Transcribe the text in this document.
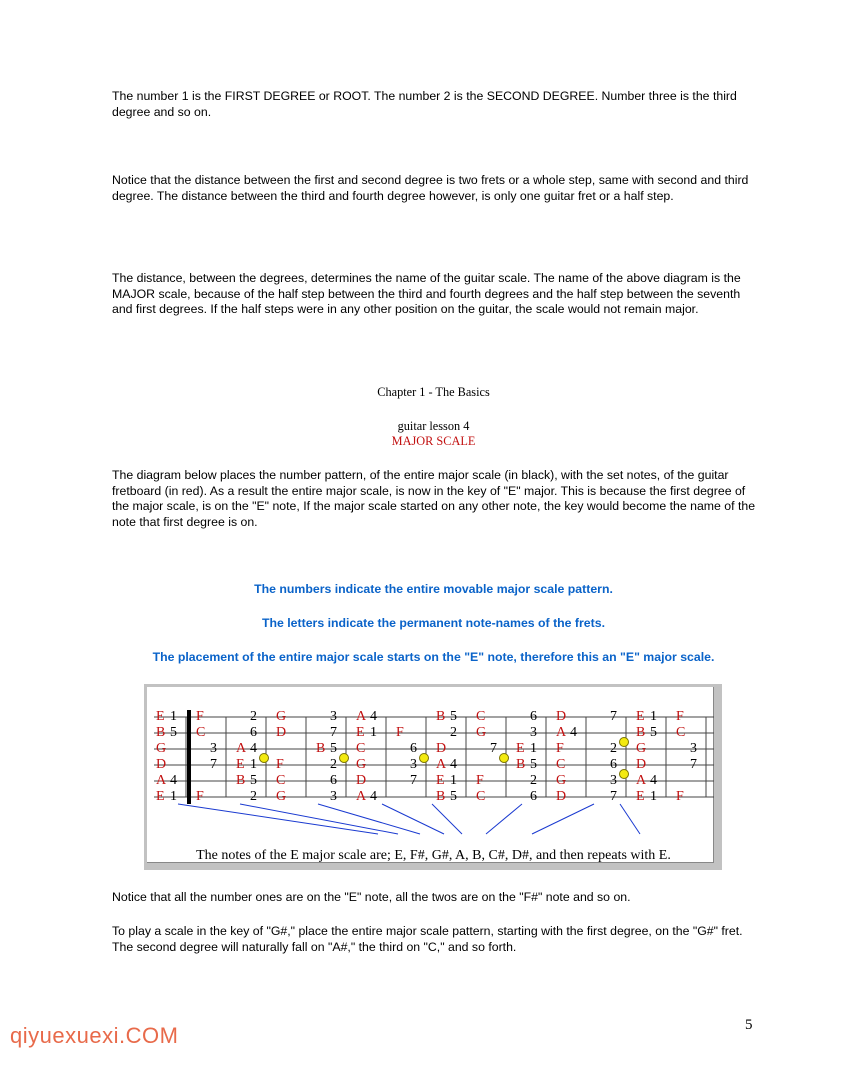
The number 1 is the FIRST DEGREE or ROOT. The number 2 is the SECOND DEGREE. Number three is the third degree and so on.

Notice that the distance between the first and second degree is two frets or a whole step, same with second and third degree. The distance between the third and fourth degree however, is only one guitar fret or a half step.

The distance, between the degrees, determines the name of the guitar scale. The name of the above diagram is the MAJOR scale, because of the half step between the third and fourth degrees and the half step between the seventh and first degrees. If the half steps were in any other position on the guitar, the scale would not remain major.

Chapter 1 - The Basics

guitar lesson 4

MAJOR SCALE

The diagram below places the number pattern, of the entire major scale (in black), with the set notes, of the guitar fretboard (in red). As a result the entire major scale, is now in the key of "E" major. This is because the first degree of the major scale, is on the "E" note, If the major scale started on any other note, the key would become the name of the note that first degree is on.

The numbers indicate the entire movable major scale pattern.

The letters indicate the permanent note-names of the frets.

The placement of the entire major scale starts on the "E" note, therefore this an "E" major scale.

E 1 F	2 G	3 A 4	B 5 C	6 D	7 E 1 F
B 5 C	6 D	7 E 1 F	2 G	3 A 4	B 5 C
G	3 A 4	B 5 C	6 D	7 E 1 F	2 G	3
D	7 E 1 F	2 G	3 A 4	B 5 C	6 D	7
A 4	B 5 C	6 D	7 E 1 F	2 G	3 A 4
E 1 F	2 G	3 A 4	B 5 C	6 D	7 E 1 F

The notes of the E major scale are; E, F#, G#, A, B, C#, D#, and then repeats with E.

Notice that all the number ones are on the "E" note, all the twos are on the "F#" note and so on.

To play a scale in the key of "G#," place the entire major scale pattern, starting with the first degree, on the "G#" fret. The second degree will naturally fall on "A#," the third on "C," and so forth.

5
qiyuexuexi.COM
